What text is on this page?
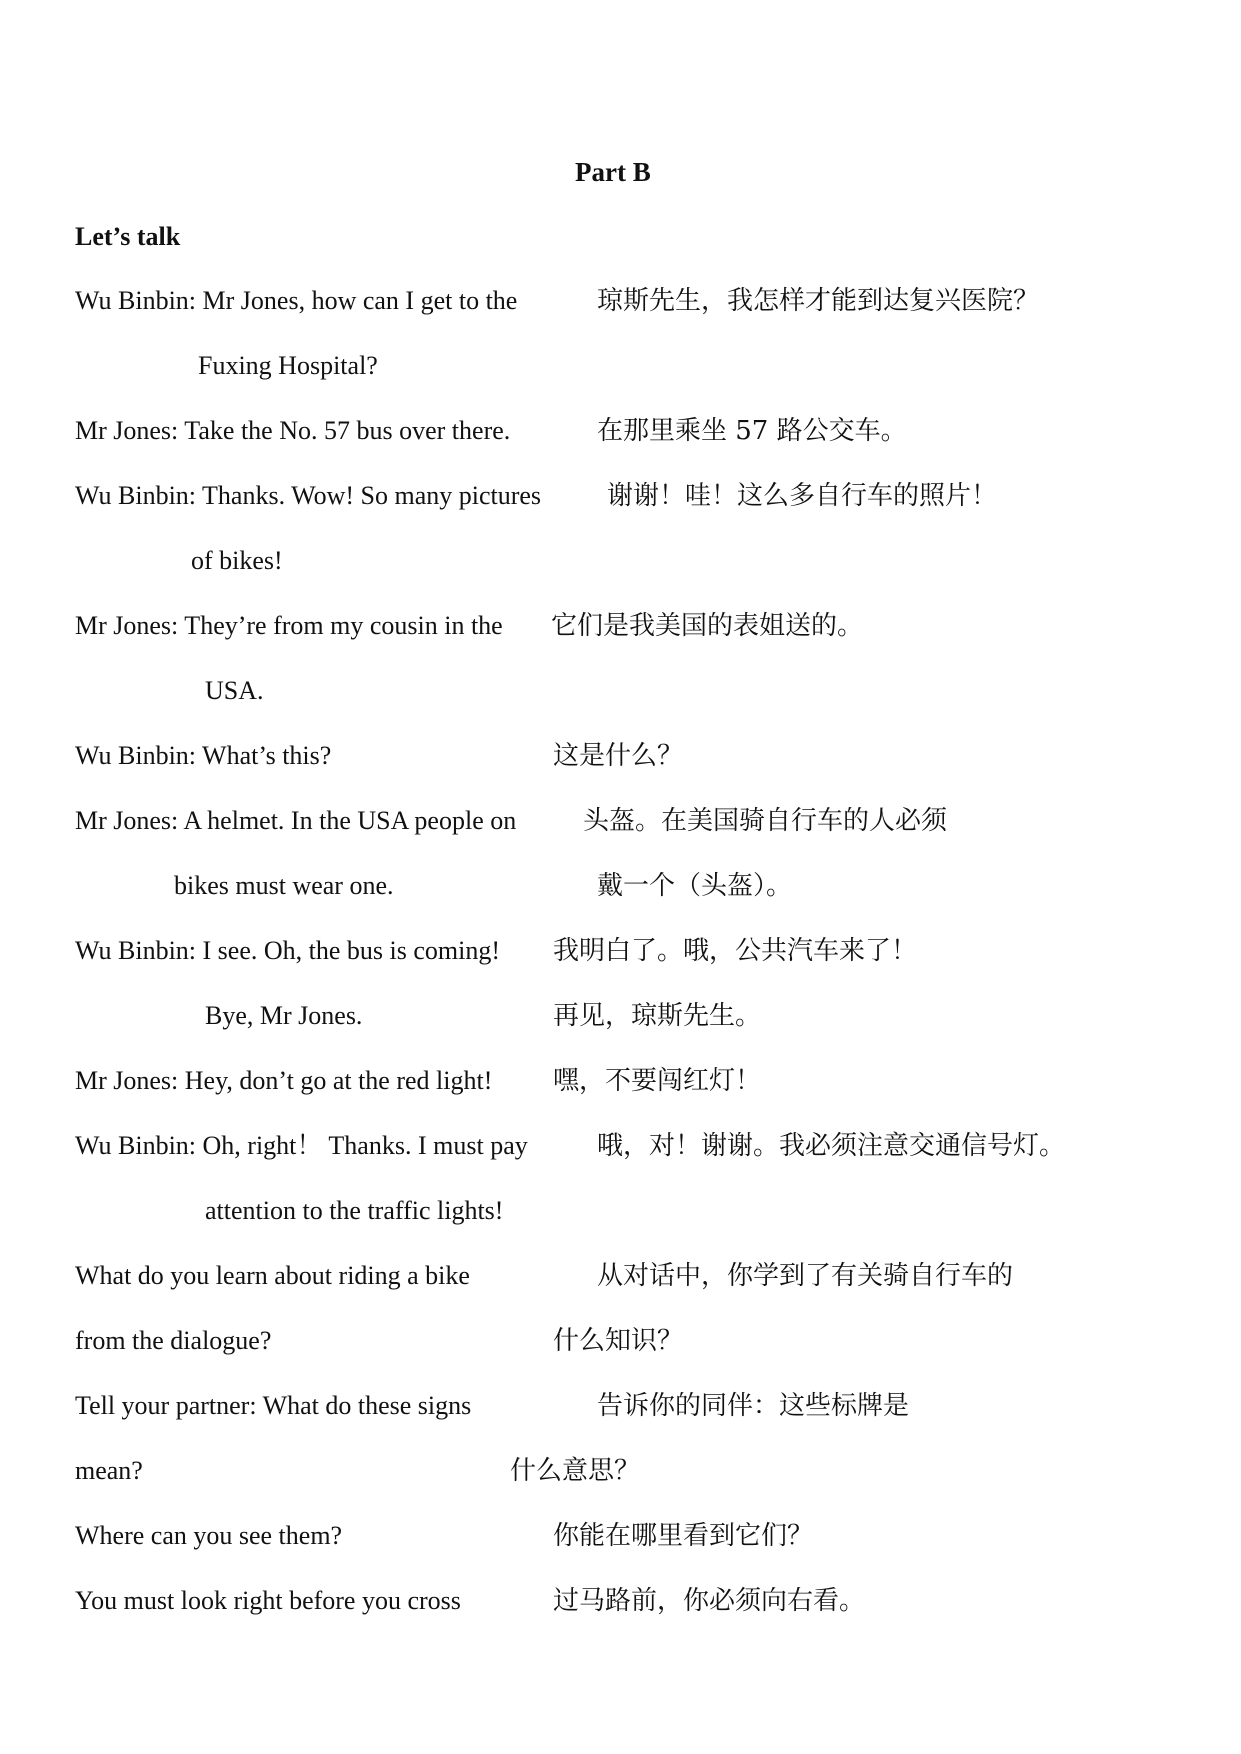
Part B
Let’s talk
Wu Binbin: Mr Jones, how can I get to the	琼斯先生，我怎样才能到达复兴医院？
Fuxing Hospital?
Mr Jones: Take the No. 57 bus over there.	在那里乘坐 57 路公交车。
Wu Binbin: Thanks. Wow! So many pictures	谢谢！哇！这么多自行车的照片！
of bikes!
Mr Jones: They’re from my cousin in the 它们是我美国的表姐送的。
USA.
Wu Binbin: What’s this?	这是什么？
Mr Jones: A helmet. In the USA people on	头盔。在美国骑自行车的人必须
bikes must wear one.	戴一个（头盔）。
Wu Binbin: I see. Oh, the bus is coming! 我明白了。哦，公共汽车来了！
Bye, Mr Jones.	再见，琼斯先生。
Mr Jones: Hey, don’t go at the red light! 嘿，不要闯红灯！
Wu Binbin: Oh, right！ Thanks. I must pay	哦，对！谢谢。我必须注意交通信号灯。
attention to the traffic lights!
What do you learn about riding a bike	从对话中，你学到了有关骑自行车的
from the dialogue?	什么知识？
Tell your partner: What do these signs	告诉你的同伴：这些标牌是
mean?	什么意思？
Where can you see them?	你能在哪里看到它们？
You must look right before you cross	过马路前，你必须向右看。
